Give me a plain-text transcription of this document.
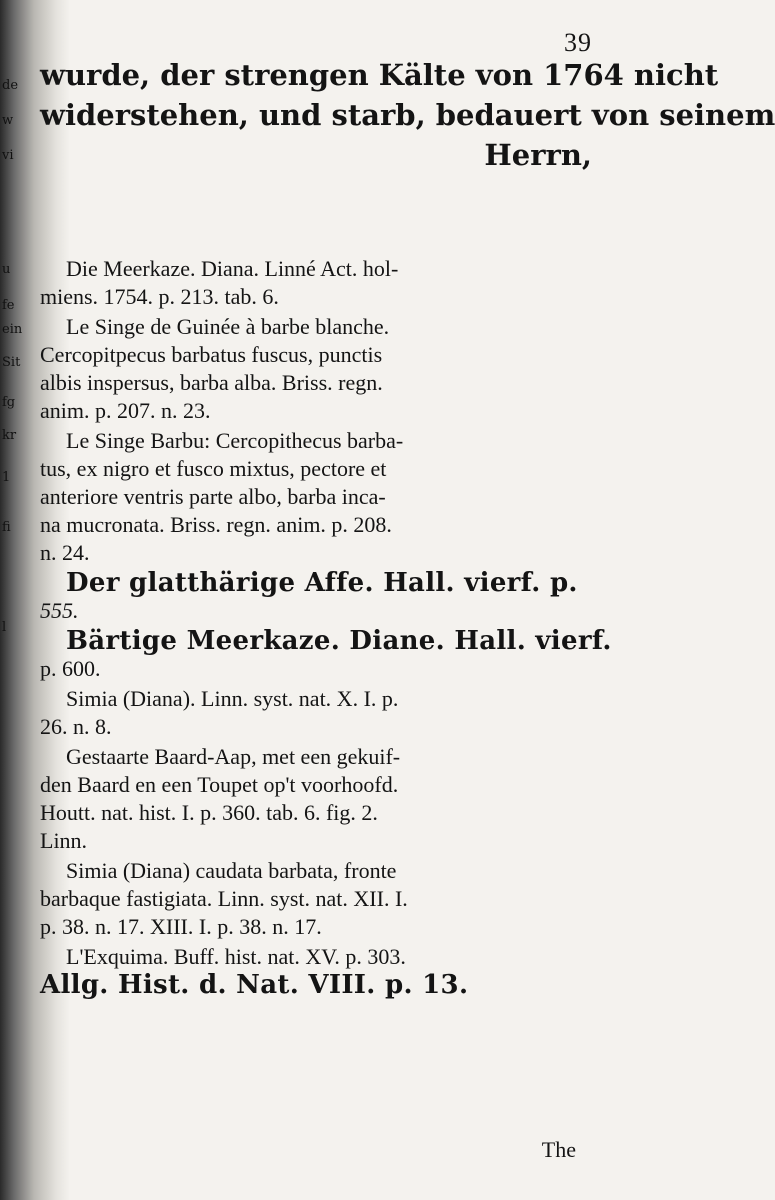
de
w
vi
u
fe
ein
Sit
fg
kr
1
fi
l
39
wurde, der strengen Kälte von 1764 nicht
widerstehen, und starb, bedauert von seinem
Herrn,
Die Meerkaze. Diana. Linné Act. hol-
miens. 1754. p. 213. tab. 6.
Le Singe de Guinée à barbe blanche.
Cercopitpecus barbatus fuscus, punctis
albis inspersus, barba alba. Briss. regn.
anim. p. 207. n. 23.
Le Singe Barbu: Cercopithecus barba-
tus, ex nigro et fusco mixtus, pectore et
anteriore ventris parte albo, barba inca-
na mucronata. Briss. regn. anim. p. 208.
n. 24.
Der glatthärige Affe. Hall. vierf. p.
555.
Bärtige Meerkaze. Diane. Hall. vierf.
p. 600.
Simia (Diana). Linn. syst. nat. X. I. p.
26. n. 8.
Gestaarte Baard-Aap, met een gekuif-
den Baard en een Toupet op't voorhoofd.
Houtt. nat. hist. I. p. 360. tab. 6. fig. 2.
Linn.
Simia (Diana) caudata barbata, fronte
barbaque fastigiata. Linn. syst. nat. XII. I.
p. 38. n. 17. XIII. I. p. 38. n. 17.
L'Exquima. Buff. hist. nat. XV. p. 303.
Allg. Hist. d. Nat. VIII. p. 13.
The
